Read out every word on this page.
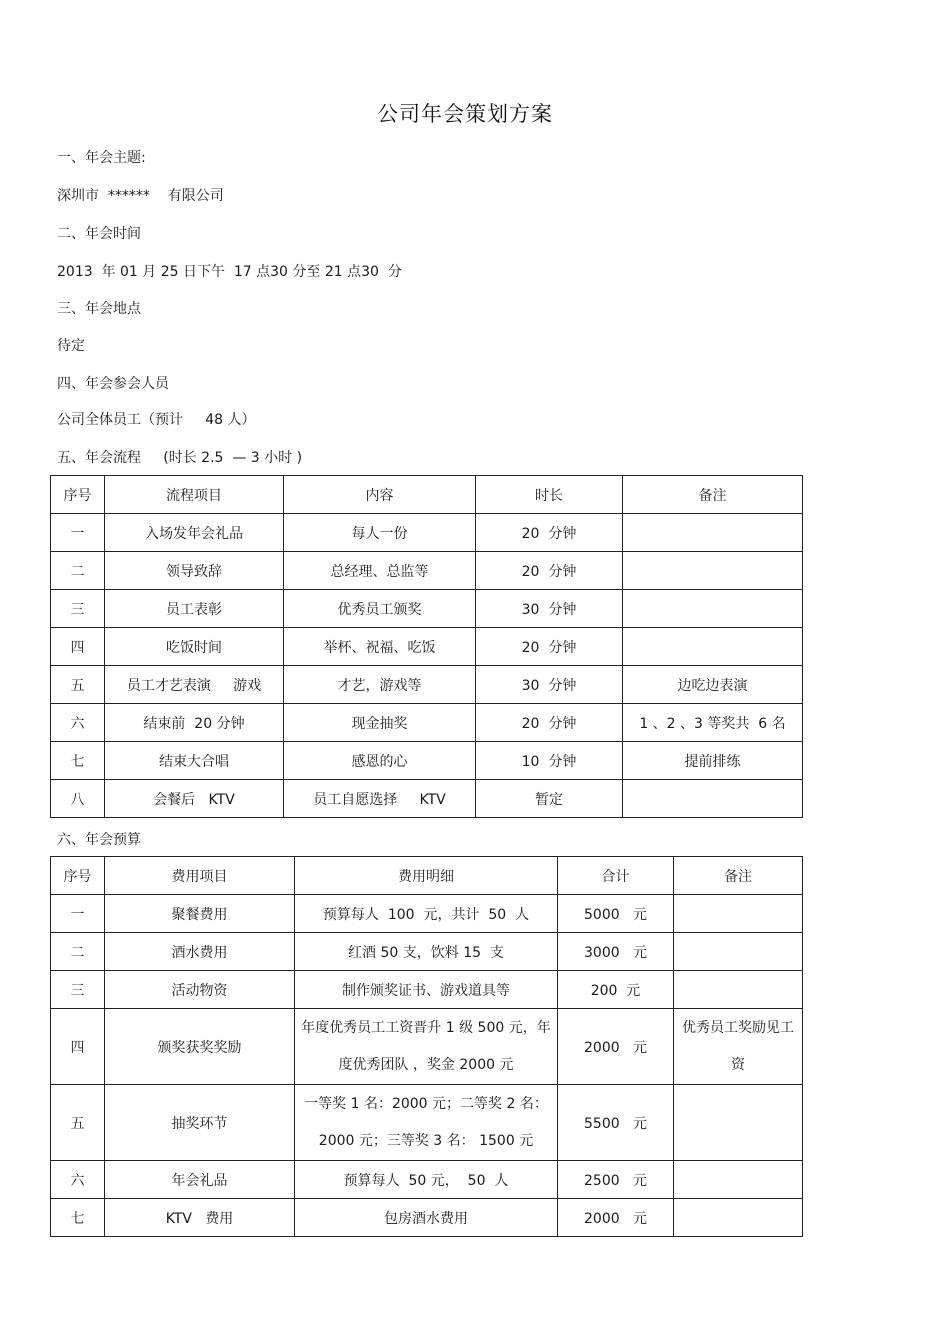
公司年会策划方案
一、年会主题:
深圳市  ******    有限公司
二、年会时间
2013  年 01 月 25 日下午  17 点30 分至 21 点30  分
三、年会地点
待定
四、年会参会人员
公司全体员工（预计     48 人）
五、年会流程     (时长 2.5  — 3 小时 )
序号	流程项目	内容	时长	备注
一	入场发年会礼品	每人一份	20  分钟	
二	领导致辞	总经理、总监等	20  分钟	
三	员工表彰	优秀员工颁奖	30  分钟	
四	吃饭时间	举杯、祝福、吃饭	20  分钟	
五	员工才艺表演     游戏	才艺，游戏等	30  分钟	边吃边表演
六	结束前  20 分钟	现金抽奖	20  分钟	1 、2 、3 等奖共  6 名
七	结束大合唱	感恩的心	10  分钟	提前排练
八	会餐后   KTV	员工自愿选择     KTV	暂定	
六、年会预算
序号	费用项目	费用明细	合计	备注
一	聚餐费用	预算每人  100  元，共计  50  人	5000   元	
二	酒水费用	红酒 50 支，饮料 15  支	3000   元	
三	活动物资	制作颁奖证书、游戏道具等	200  元	
四	颁奖获奖奖励	年度优秀员工工资晋升 1 级 500 元，年度优秀团队 ，奖金 2000 元	2000   元	优秀员工奖励见工资
五	抽奖环节	一等奖 1 名：2000 元；二等奖 2 名：2000 元；三等奖 3 名： 1500 元	5500   元	
六	年会礼品	预算每人  50 元，  50  人	2500   元	
七	KTV   费用	包房酒水费用	2000   元	
